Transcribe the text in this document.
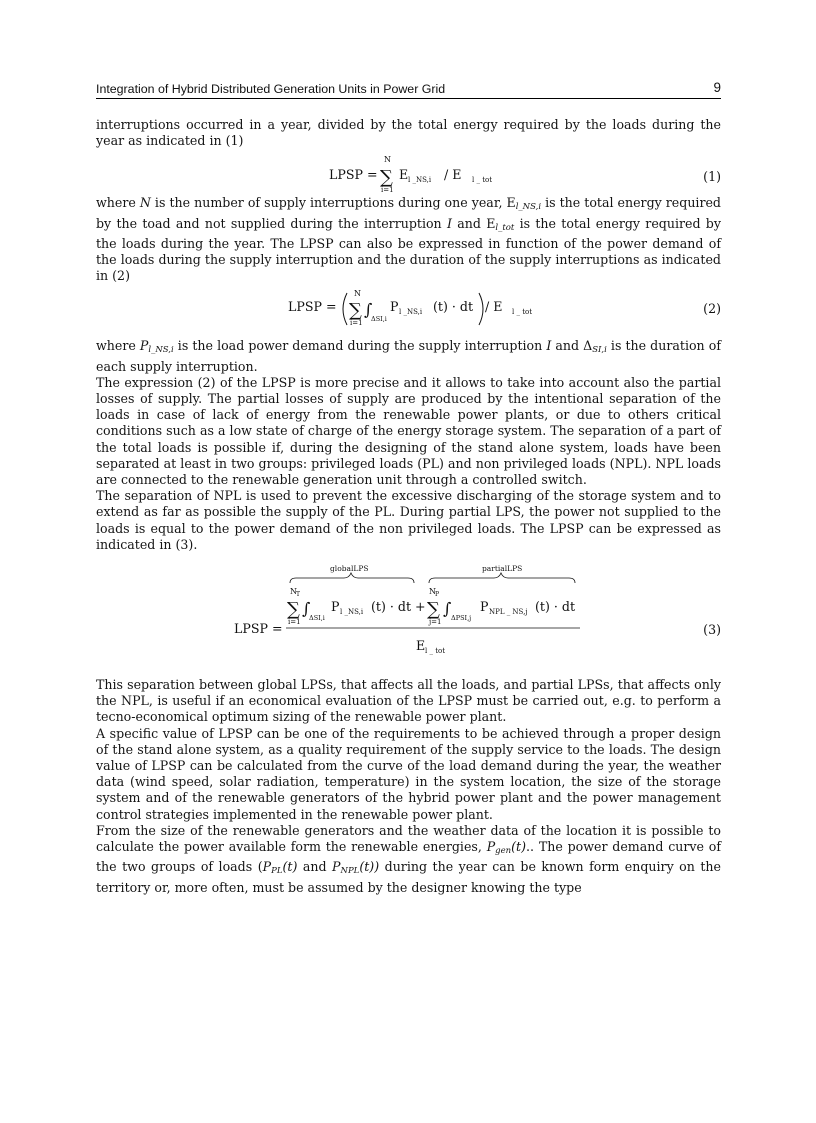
Integration of Hybrid Distributed Generation Units in Power Grid	9

interruptions occurred in a year, divided by the total energy required by the loads during the year as indicated in (1)

LPSP =
N
∑
i=1
E l _NS,i / E l _ tot	(1)

where N is the number of supply interruptions during one year, $E_{l\_NS,i}$ is the total energy required by the toad and not supplied during the interruption I and $E_{l\_tot}$ is the total energy required by the loads during the year. The LPSP can also be expressed in function of the power demand of the loads during the supply interruption and the duration of the supply interruptions as indicated in (2)

LPSP =
N
∑
i=1
∫
ΔSI,i
P l _NS,i (t) · dt / E l _ tot	(2)

where $P_{l\_NS,i}$ is the load power demand during the supply interruption I and $\Delta_{SI,i}$ is the duration of each supply interruption.

The expression (2) of the LPSP is more precise and it allows to take into account also the partial losses of supply. The partial losses of supply are produced by the intentional separation of the loads in case of lack of energy from the renewable power plants, or due to others critical conditions such as a low state of charge of the energy storage system. The separation of a part of the total loads is possible if, during the designing of the stand alone system, loads have been separated at least in two groups: privileged loads (PL) and non privileged loads (NPL). NPL loads are connected to the renewable generation unit through a controlled switch.

The separation of NPL is used to prevent the excessive discharging of the storage system and to extend as far as possible the supply of the PL. During partial LPS, the power not supplied to the loads is equal to the power demand of the non privileged loads. The LPSP can be expressed as indicated in (3).

globalLPS	partialLPS
N T
∑
i=1
∫
ΔSI,i
P l _NS,i (t) · dt +
N P
∑
j=1
∫ ΔPSI,j
P NPL _ NS,j (t) · dt
LPSP =
E l _ tot
(3)

This separation between global LPSs, that affects all the loads, and partial LPSs, that affects only the NPL, is useful if an economical evaluation of the LPSP must be carried out, e.g. to perform a tecno-economical optimum sizing of the renewable power plant.

A specific value of LPSP can be one of the requirements to be achieved through a proper design of the stand alone system, as a quality requirement of the supply service to the loads. The design value of LPSP can be calculated from the curve of the load demand during the year, the weather data (wind speed, solar radiation, temperature) in the system location, the size of the storage system and of the renewable generators of the hybrid power plant and the power management control strategies implemented in the renewable power plant.

From the size of the renewable generators and the weather data of the location it is possible to calculate the power available form the renewable energies, $P_{gen}(t)$.. The power demand curve of the two groups of loads ($P_{PL}(t)$ and $P_{NPL}(t)$) during the year can be known form enquiry on the territory or, more often, must be assumed by the designer knowing the type
